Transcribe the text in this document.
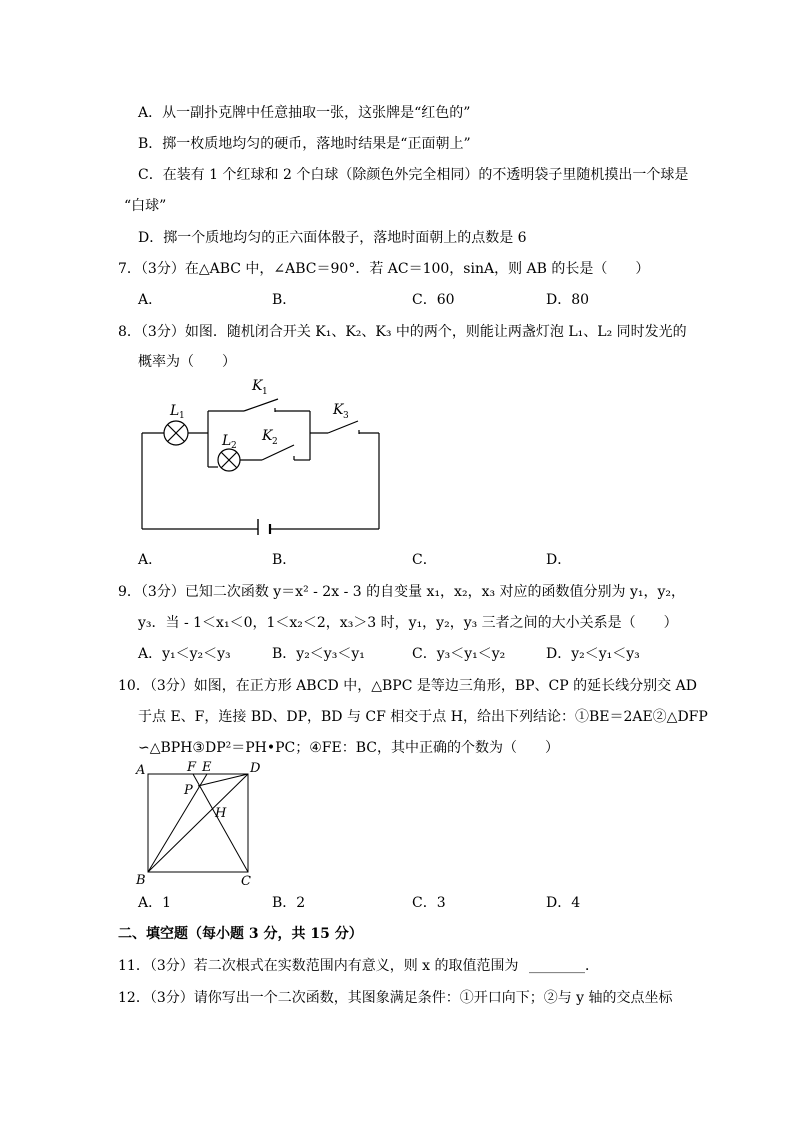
A．从一副扑克牌中任意抽取一张，这张牌是“红色的”
B．掷一枚质地均匀的硬币，落地时结果是“正面朝上”
C．在装有 1 个红球和 2 个白球（除颜色外完全相同）的不透明袋子里随机摸出一个球是
“白球”
D．掷一个质地均匀的正六面体骰子，落地时面朝上的点数是 6
7．（3分）在△ABC 中，∠ABC＝90°．若 AC＝100，sinA，则 AB 的长是（　　）
A．	B．	C．60	D．80
8．（3分）如图．随机闭合开关 K₁、K₂、K₃ 中的两个，则能让两盏灯泡 L₁、L₂ 同时发光的
概率为（　　）
L 1
L 2
K 1
K 2
K 3
A．	B．	C．	D．
9．（3分）已知二次函数 y＝x² - 2x - 3 的自变量 x₁，x₂，x₃ 对应的函数值分别为 y₁，y₂，
y₃．当 - 1＜x₁＜0，1＜x₂＜2，x₃＞3 时，y₁，y₂，y₃ 三者之间的大小关系是（　　）
A．y₁＜y₂＜y₃	B．y₂＜y₃＜y₁	C．y₃＜y₁＜y₂	D．y₂＜y₁＜y₃
10．（3分）如图，在正方形 ABCD 中，△BPC 是等边三角形，BP、CP 的延长线分别交 AD
于点 E、F，连接 BD、DP，BD 与 CF 相交于点 H，给出下列结论：①BE＝2AE②△DFP
∽△BPH③DP²＝PH•PC；④FE：BC，其中正确的个数为（　　）
A
B	C
D
E
F
P
H
A．1	B．2	C．3	D．4
二、填空题（每小题 3 分，共 15 分）
11．（3分）若二次根式在实数范围内有意义，则 x 的取值范围为 ________．
12．（3分）请你写出一个二次函数，其图象满足条件：①开口向下；②与 y 轴的交点坐标
